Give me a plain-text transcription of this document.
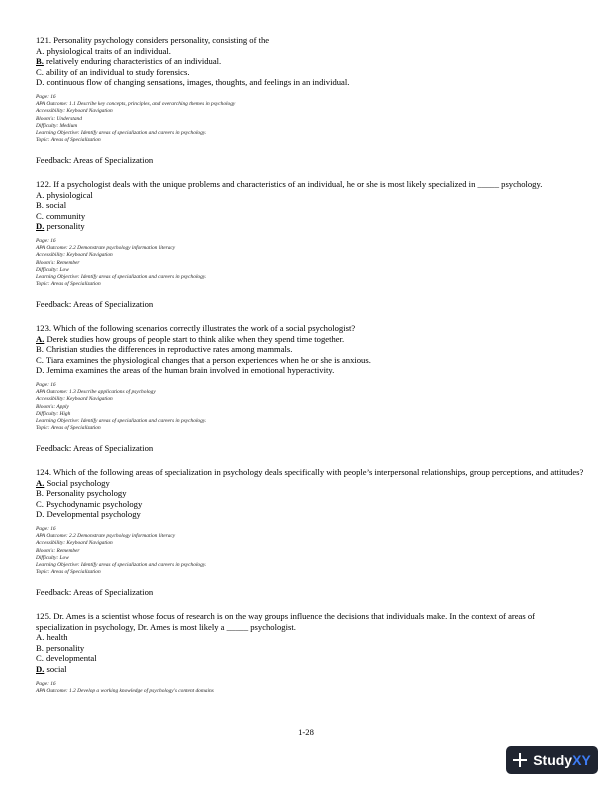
121. Personality psychology considers personality, consisting of the
A. physiological traits of an individual.
B. relatively enduring characteristics of an individual.
C. ability of an individual to study forensics.
D. continuous flow of changing sensations, images, thoughts, and feelings in an individual.
Page: 16
APA Outcome: 1.1 Describe key concepts, principles, and overarching themes in psychology
Accessibility: Keyboard Navigation
Bloom's: Understand
Difficulty: Medium
Learning Objective: Identify areas of specialization and careers in psychology.
Topic: Areas of Specialization
Feedback: Areas of Specialization
122. If a psychologist deals with the unique problems and characteristics of an individual, he or she is most likely specialized in _____ psychology.
A. physiological
B. social
C. community
D. personality
Page: 16
APA Outcome: 2.2 Demonstrate psychology information literacy
Accessibility: Keyboard Navigation
Bloom's: Remember
Difficulty: Low
Learning Objective: Identify areas of specialization and careers in psychology.
Topic: Areas of Specialization
Feedback: Areas of Specialization
123. Which of the following scenarios correctly illustrates the work of a social psychologist?
A. Derek studies how groups of people start to think alike when they spend time together.
B. Christian studies the differences in reproductive rates among mammals.
C. Tiara examines the physiological changes that a person experiences when he or she is anxious.
D. Jemima examines the areas of the human brain involved in emotional hyperactivity.
Page: 16
APA Outcome: 1.3 Describe applications of psychology
Accessibility: Keyboard Navigation
Bloom's: Apply
Difficulty: High
Learning Objective: Identify areas of specialization and careers in psychology.
Topic: Areas of Specialization
Feedback: Areas of Specialization
124. Which of the following areas of specialization in psychology deals specifically with people’s interpersonal relationships, group perceptions, and attitudes?
A. Social psychology
B. Personality psychology
C. Psychodynamic psychology
D. Developmental psychology
Page: 16
APA Outcome: 2.2 Demonstrate psychology information literacy
Accessibility: Keyboard Navigation
Bloom's: Remember
Difficulty: Low
Learning Objective: Identify areas of specialization and careers in psychology.
Topic: Areas of Specialization
Feedback: Areas of Specialization
125. Dr. Ames is a scientist whose focus of research is on the way groups influence the decisions that individuals make. In the context of areas of specialization in psychology, Dr. Ames is most likely a _____ psychologist.
A. health
B. personality
C. developmental
D. social
Page: 16
APA Outcome: 1.2 Develop a working knowledge of psychology's content domains
1-28
Study XY
